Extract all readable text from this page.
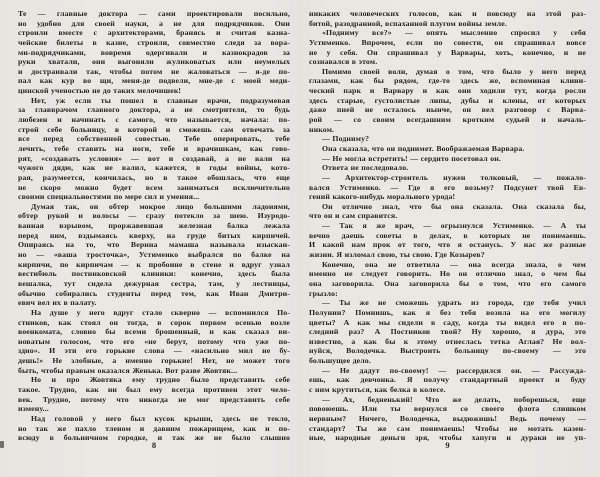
Те — главные доктора — сами проектировали посильно,
но удобно для своей науки, а не для подрядчиков. Они
строили вместе с архитекторами, бранясь и считая казна-
чейские билеты в казне, строили, совместно следя за вора-
ми-подрядчиками, вовремя одергивали и казнокрадов за
руки хватали, они выгоняли жуликоватых или неумелых
и достраивали так, чтобы потом не жаловаться — я-де по-
пал как кур во щи, меня-де подвели, мне-де с моей меди-
цинской ученостью не до таких мелочишек!
Нет, уж если ты пошел в главные врачи, подразумевая
за главврачом главного доктора, а не смотрителя, то будь
любезен и начинать с самого, что называется, начала: по-
строй себе больницу, в которой и сможешь сам отвечать за
все перед собственной совестью. Тебе оперировать, тебе
лечить, тебе ставить на ноги, тебе и врачишкам, как гово-
рят, «создавать условия» — вот и создавай, а не вали на
чужого дядю, как не валил, кажется, в годы войны, кото-
рая, разумеется, кончилась, но в такое обошлась, что еще
не скоро можно будет всем заниматься исключительно
своими специальностями по мере сил и умения...
Думая так, он обтер мокрое лицо большими ладонями,
обтер рукой и волосы — сразу потекло за шею. Изуродо-
ванная взрывом, проржавевшая железная балка лежала
перед ним, вздымаясь кверху, на груде битых кирпичей.
Опираясь на то, что Верина мамаша называла изыскан-
но — «ваша тросточка», Устименко выбрался по балке на
кирпичи, по кирпичам — к пробоине в стене и вдруг узнал
вестибюль постниковской клиники: конечно, здесь была
вешалка, тут сидела дежурная сестра, там, у лестницы,
обычно собирались студенты перед тем, как Иван Дмитри-
евич вел их в палату.
На душе у него вдруг стало скверно — вспомнился По-
стников, как стоял он тогда, в сорок первом осенью возле
военкомата, словно бы всеми брошенный, и как сказал ви-
новатым голосом, что его «не берут, потому что уже по-
здно». И эти его горькие слова — «насильно мил не бу-
дешь!» Не злобные, а именно горькие! Нет, не может того
быть, чтобы правым оказался Женька. Вот разве Жовтяк...
Но и про Жовтяка ему трудно было представить себе
такое. Трудно, как ни был ему всегда противен этот чело-
век. Трудно, потому что никогда не мог представить себе
измену...
Над головой у него был кусок крыши, здесь не текло,
но так же пахло тленом и давним пожарищем, как и по-
всюду в больничном городке, и так же не было слышно
никаких человеческих голосов, как и повсюду на этой раз-
битой, разодранной, вспаханной плугом войны земле.
«Подниму все?» — опять мысленно спросил у себя
Устименко. Впрочем, если по совести, он спрашивал вовсе
не у себя. Он спрашивал у Варвары, хоть, конечно, и не
сознавался в этом.
Помимо своей воли, думая о том, что было у него перед
глазами, как бы рядом, где-то здесь же, вспоминая клини-
ческий парк и Варвару и как они ходили тут, когда росли
здесь старые, густолистые липы, дубы и клены, от которых
даже пней не осталось нынче, он вел разговор с Варва-
рой — со своим всегдашним кротким судьей и началь-
ником.
— Подниму?
Она сказала, что он поднимет. Воображаемая Варвара.
— Не могла встретить! — сердито посетовал он.
Ответа не последовало.
— Архитектор-строитель нужен толковый, — пожало-
вался Устименко. — Где я его возьму? Подсунет твой Ев-
гений какого-нибудь морального урода!
Он отлично знал, что бы она сказала. Она сказала бы,
что он и сам справится.
— Так я же врач, — огрызнулся Устименко. — А ты
вечно даешь советы в делах, в которых не понимаешь.
И какой нам прок от того, что я останусь. У нас же разные
жизни. Я изломал свою, ты свою. Где Козырев?
Конечно, она не ответила — она всегда знала, о чем
именно не следует говорить. Но он отлично знал, о чем бы
она заговорила. Она заговорила бы о том, что его самого
грызло:
— Ты же не сможешь удрать из города, где тебя учил
Полунин? Помнишь, как я без тебя возила на его могилу
цветы? А как мы сидели в саду, когда ты видел его в по-
следний раз? А Постников твой? Ну хорошо, я дура, это
известно, а как бы к этому отнеслась тетка Аглая? Не вол-
нуйся, Володечка. Выстроить больницу по-своему — это
большущее дело.
— Не дадут по-своему! — рассердился он. — Рассужда-
ешь, как девчонка. Я получу стандартный проект и буду
с ним крутиться, как белка в колесе.
— Ах, бедненький! Что же делать, поборешься, еще
повоюешь. Или ты вернулся со своего флота слишком
нервным? Ничего, Володечка, выдюжишь! Ведь почему —
стандарт? Ты же сам понимаешь! Чтобы не мотать казен-
ные, народные деньги зря, чтобы хапуги и дураки не уп-
8	9
